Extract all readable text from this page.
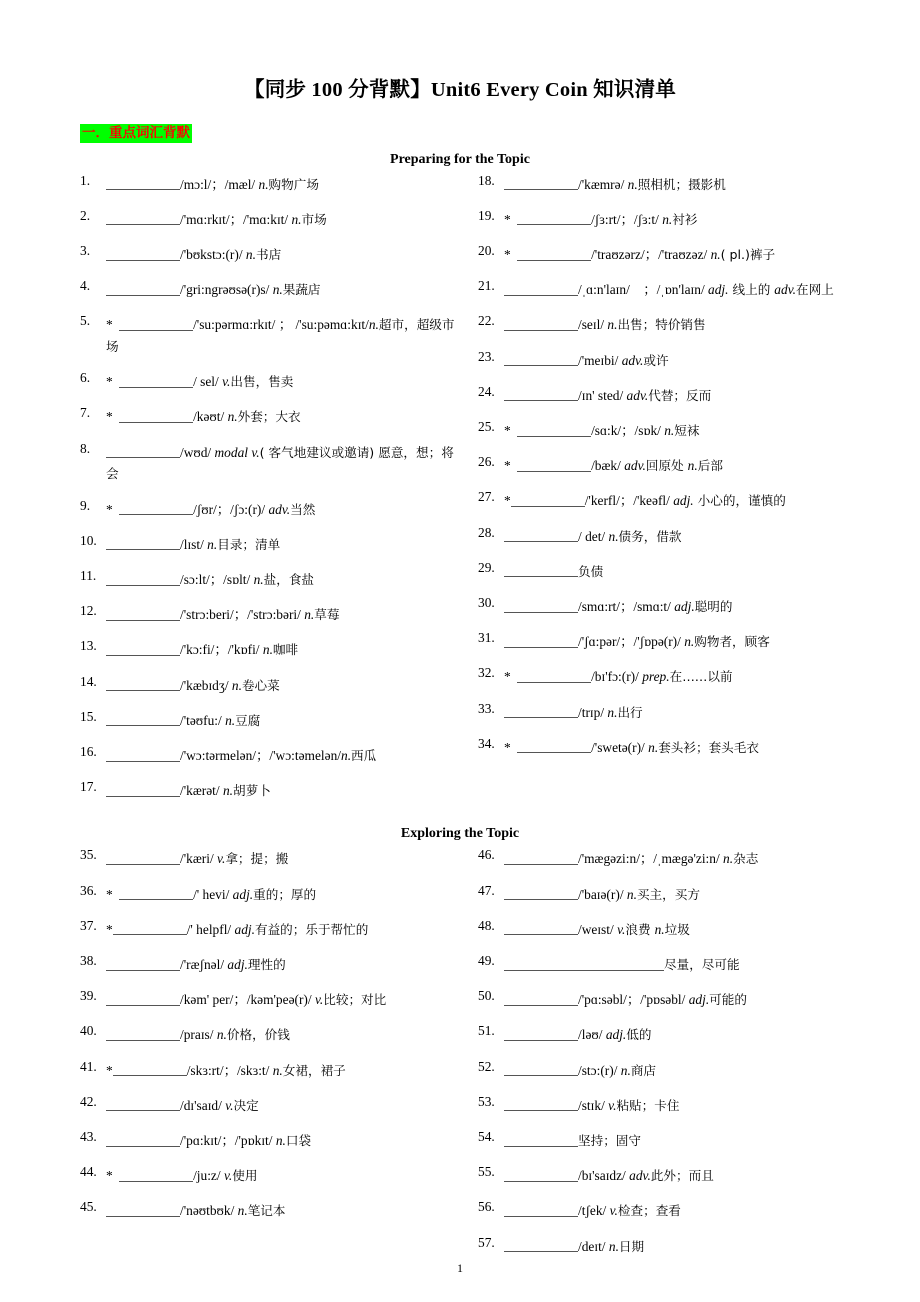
【同步 100 分背默】Unit6 Every Coin 知识清单
一．重点词汇背默
Preparing for the Topic
1.	/mɔ:l/；/mæl/ n.购物广场
2.	/'mɑ:rkɪt/；/'mɑ:kɪt/ n.市场
3.	/'bʊkstɔ:(r)/ n.书店
4.	/'gri:ngrəʊsə(r)s/ n.果蔬店
5.	*	/'su:pərmɑ:rkɪt/ ； /'su:pəmɑ:kɪt/n.超市，超级市场
6.	*	/ sel/ v.出售，售卖
7.	*	/kəʊt/ n.外套；大衣
8.	/wʊd/ modal v.( 客气地建议或邀请) 愿意，想；将会
9.	*	/ʃʊr/；/ʃɔ:(r)/ adv.当然
10.	/lɪst/ n.目录；清单
11.	/sɔ:lt/；/sɒlt/ n.盐，食盐
12.	/'strɔ:beri/；/'strɔ:bəri/ n.草莓
13.	/'kɔ:fi/；/'kɒfi/ n.咖啡
14.	/'kæbɪdʒ/ n.卷心菜
15.	/'təʊfu:/ n.豆腐
16.	/'wɔ:tərmelən/；/'wɔ:təmelən/n.西瓜
17.	/'kærət/ n.胡萝卜
18.	/'kæmrə/ n.照相机；摄影机
19. *	/ʃɜ:rt/；/ʃɜ:t/ n.衬衫
20. *	/'traʊzərz/；/'traʊzəz/ n.( pl.)裤子
21.	/ˌɑ:n'laɪn/　；/ˌɒn'laɪn/ adj. 线上的 adv.在网上
22.	/seɪl/ n.出售；特价销售
23.	/'meɪbi/ adv.或许
24.	/ɪn' sted/ adv.代替；反而
25. *	/sɑ:k/；/sɒk/ n.短袜
26. *	/bæk/ adv.回原处 n.后部
27. *	/'kerfl/；/'keəfl/ adj. 小心的，谨慎的
28.	/ det/ n.债务，借款
29.	负债
30.	/smɑ:rt/；/smɑ:t/ adj.聪明的
31.	/'ʃɑ:pər/；/'ʃɒpə(r)/ n.购物者，顾客
32. *	/bɪ'fɔ:(r)/ prep.在……以前
33.	/trɪp/ n.出行
34. *	/'swetə(r)/ n.套头衫；套头毛衣
Exploring the Topic
35.	/'kæri/ v.拿；提；搬
36. *	/' hevi/ adj.重的；厚的
37. *	/' helpfl/ adj.有益的；乐于帮忙的
38.	/'ræʃnəl/ adj.理性的
39.	/kəm' per/；/kəm'peə(r)/ v.比较；对比
40.	/praɪs/ n.价格，价钱
41. *	/skɜ:rt/；/skɜ:t/ n.女裙，裙子
42.	/dɪ'saɪd/ v.决定
43.	/'pɑ:kɪt/；/'pɒkɪt/ n.口袋
44. *	/ju:z/ v.使用
45.	/'nəʊtbʊk/ n.笔记本
46.	/'mægəzi:n/；/ˌmægə'zi:n/ n.杂志
47.	/'baɪə(r)/ n.买主，买方
48.	/weɪst/ v.浪费 n.垃圾
49.	尽量，尽可能
50.	/'pɑ:səbl/；/'pɒsəbl/ adj.可能的
51.	/ləʊ/ adj.低的
52.	/stɔ:(r)/ n.商店
53.	/stɪk/ v.粘贴；卡住
54.	坚持；固守
55.	/bɪ'saɪdz/ adv.此外；而且
56.	/tʃek/ v.检查；查看
57.	/deɪt/ n.日期
1
